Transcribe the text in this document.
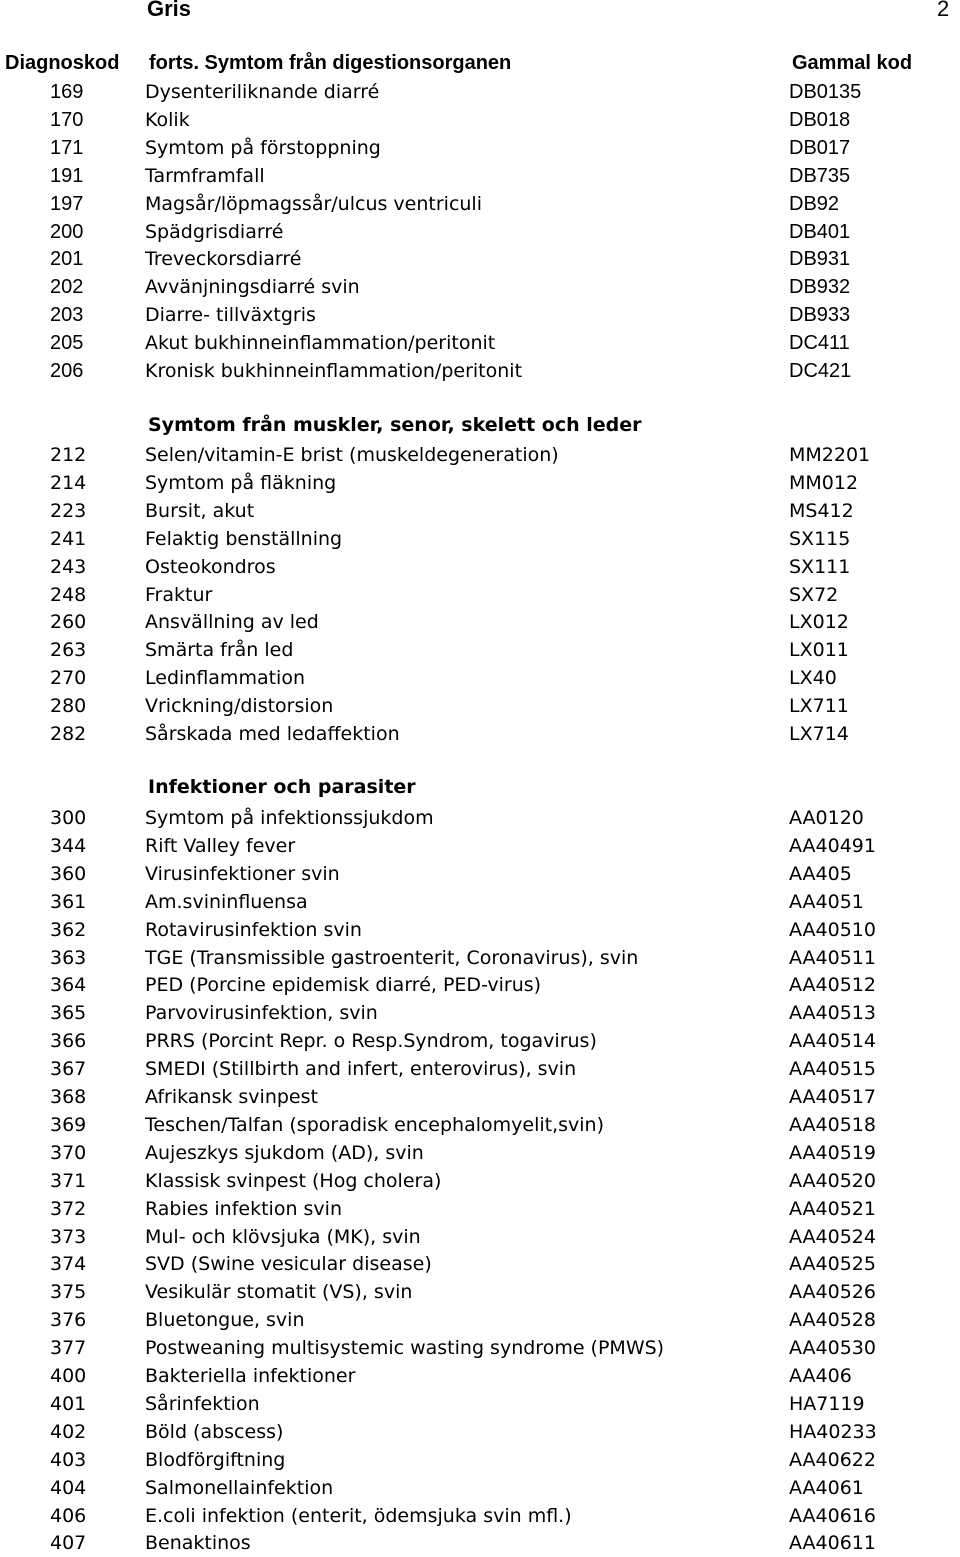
Gris	2
Diagnoskod forts. Symtom från digestionsorganen	Gammal kod
169	Dysenteriliknande diarré	DB0135
170	Kolik	DB018
171	Symtom på förstoppning	DB017
191	Tarmframfall	DB735
197	Magsår/löpmagssår/ulcus ventriculi	DB92
200	Spädgrisdiarré	DB401
201	Treveckorsdiarré	DB931
202	Avvänjningsdiarré svin	DB932
203	Diarre- tillväxtgris	DB933
205	Akut bukhinneinflammation/peritonit	DC411
206	Kronisk bukhinneinflammation/peritonit	DC421
Symtom från muskler, senor, skelett och leder
212	Selen/vitamin-E brist (muskeldegeneration)	MM2201
214	Symtom på fläkning	MM012
223	Bursit, akut	MS412
241	Felaktig benställning	SX115
243	Osteokondros	SX111
248	Fraktur	SX72
260	Ansvällning av led	LX012
263	Smärta från led	LX011
270	Ledinflammation	LX40
280	Vrickning/distorsion	LX711
282	Sårskada med ledaffektion	LX714
Infektioner och parasiter
300	Symtom på infektionssjukdom	AA0120
344	Rift Valley fever	AA40491
360	Virusinfektioner svin	AA405
361	Am.svininfluensa	AA4051
362	Rotavirusinfektion svin	AA40510
363	TGE (Transmissible gastroenterit, Coronavirus), svin	AA40511
364	PED (Porcine epidemisk diarré, PED-virus)	AA40512
365	Parvovirusinfektion, svin	AA40513
366	PRRS (Porcint Repr. o Resp.Syndrom, togavirus)	AA40514
367	SMEDI (Stillbirth and infert, enterovirus), svin	AA40515
368	Afrikansk svinpest	AA40517
369	Teschen/Talfan (sporadisk encephalomyelit,svin)	AA40518
370	Aujeszkys sjukdom (AD), svin	AA40519
371	Klassisk svinpest (Hog cholera)	AA40520
372	Rabies infektion svin	AA40521
373	Mul- och klövsjuka (MK), svin	AA40524
374	SVD (Swine vesicular disease)	AA40525
375	Vesikulär stomatit (VS), svin	AA40526
376	Bluetongue, svin	AA40528
377	Postweaning multisystemic wasting syndrome (PMWS)	AA40530
400	Bakteriella infektioner	AA406
401	Sårinfektion	HA7119
402	Böld (abscess)	HA40233
403	Blodförgiftning	AA40622
404	Salmonellainfektion	AA4061
406	E.coli infektion (enterit, ödemsjuka svin mfl.)	AA40616
407	Benaktinos	AA40611
